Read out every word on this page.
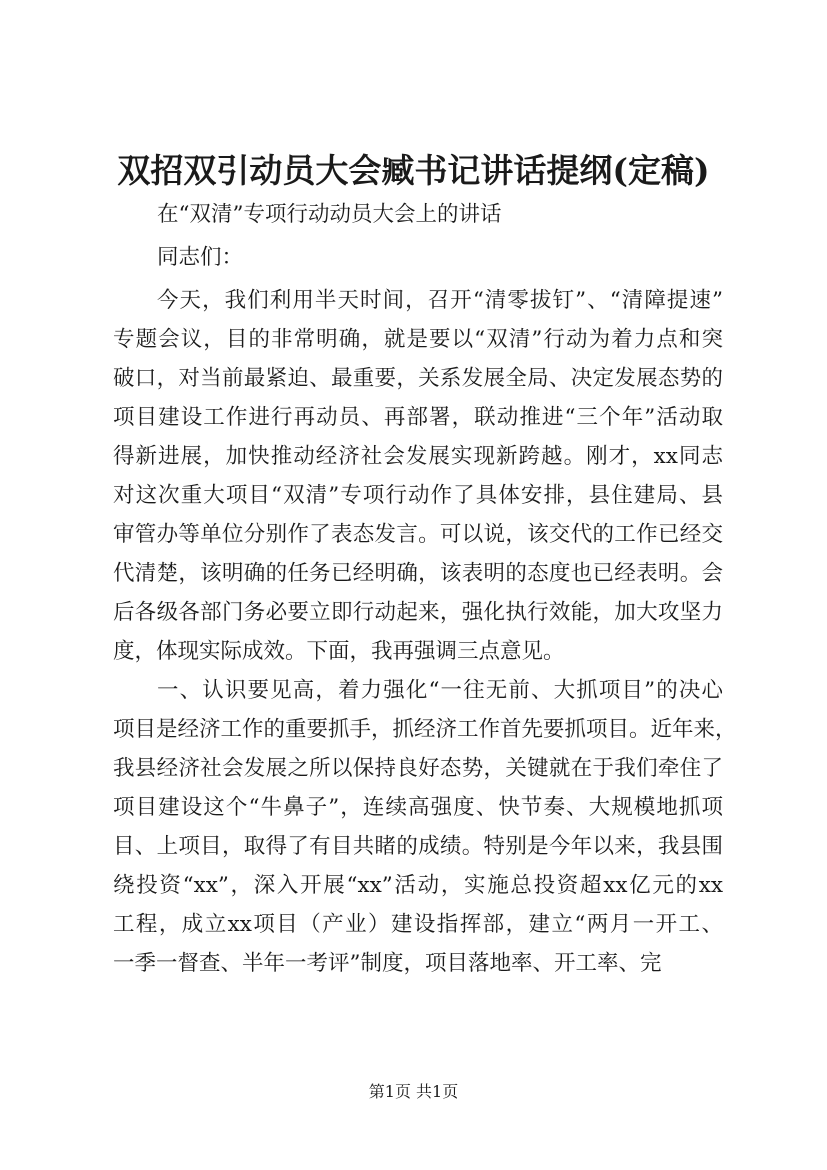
双招双引动员大会臧书记讲话提纲(定稿)

在“双清”专项行动动员大会上的讲话

同志们：

今天，我们利用半天时间，召开“清零拔钉”、“清障提速”

专题会议，目的非常明确，就是要以“双清”行动为着力点和突

破口，对当前最紧迫、最重要，关系发展全局、决定发展态势的

项目建设工作进行再动员、再部署，联动推进“三个年”活动取

得新进展，加快推动经济社会发展实现新跨越。刚才，xx同志

对这次重大项目“双清”专项行动作了具体安排，县住建局、县

审管办等单位分别作了表态发言。可以说，该交代的工作已经交

代清楚，该明确的任务已经明确，该表明的态度也已经表明。会

后各级各部门务必要立即行动起来，强化执行效能，加大攻坚力

度，体现实际成效。下面，我再强调三点意见。

一、认识要见高，着力强化“一往无前、大抓项目”的决心

项目是经济工作的重要抓手，抓经济工作首先要抓项目。近年来，

我县经济社会发展之所以保持良好态势，关键就在于我们牵住了

项目建设这个“牛鼻子”，连续高强度、快节奏、大规模地抓项

目、上项目，取得了有目共睹的成绩。特别是今年以来，我县围

绕投资“xx”，深入开展“xx”活动，实施总投资超xx亿元的xx

工程，成立xx项目（产业）建设指挥部，建立“两月一开工、

一季一督查、半年一考评”制度，项目落地率、开工率、完

第1页 共1页
